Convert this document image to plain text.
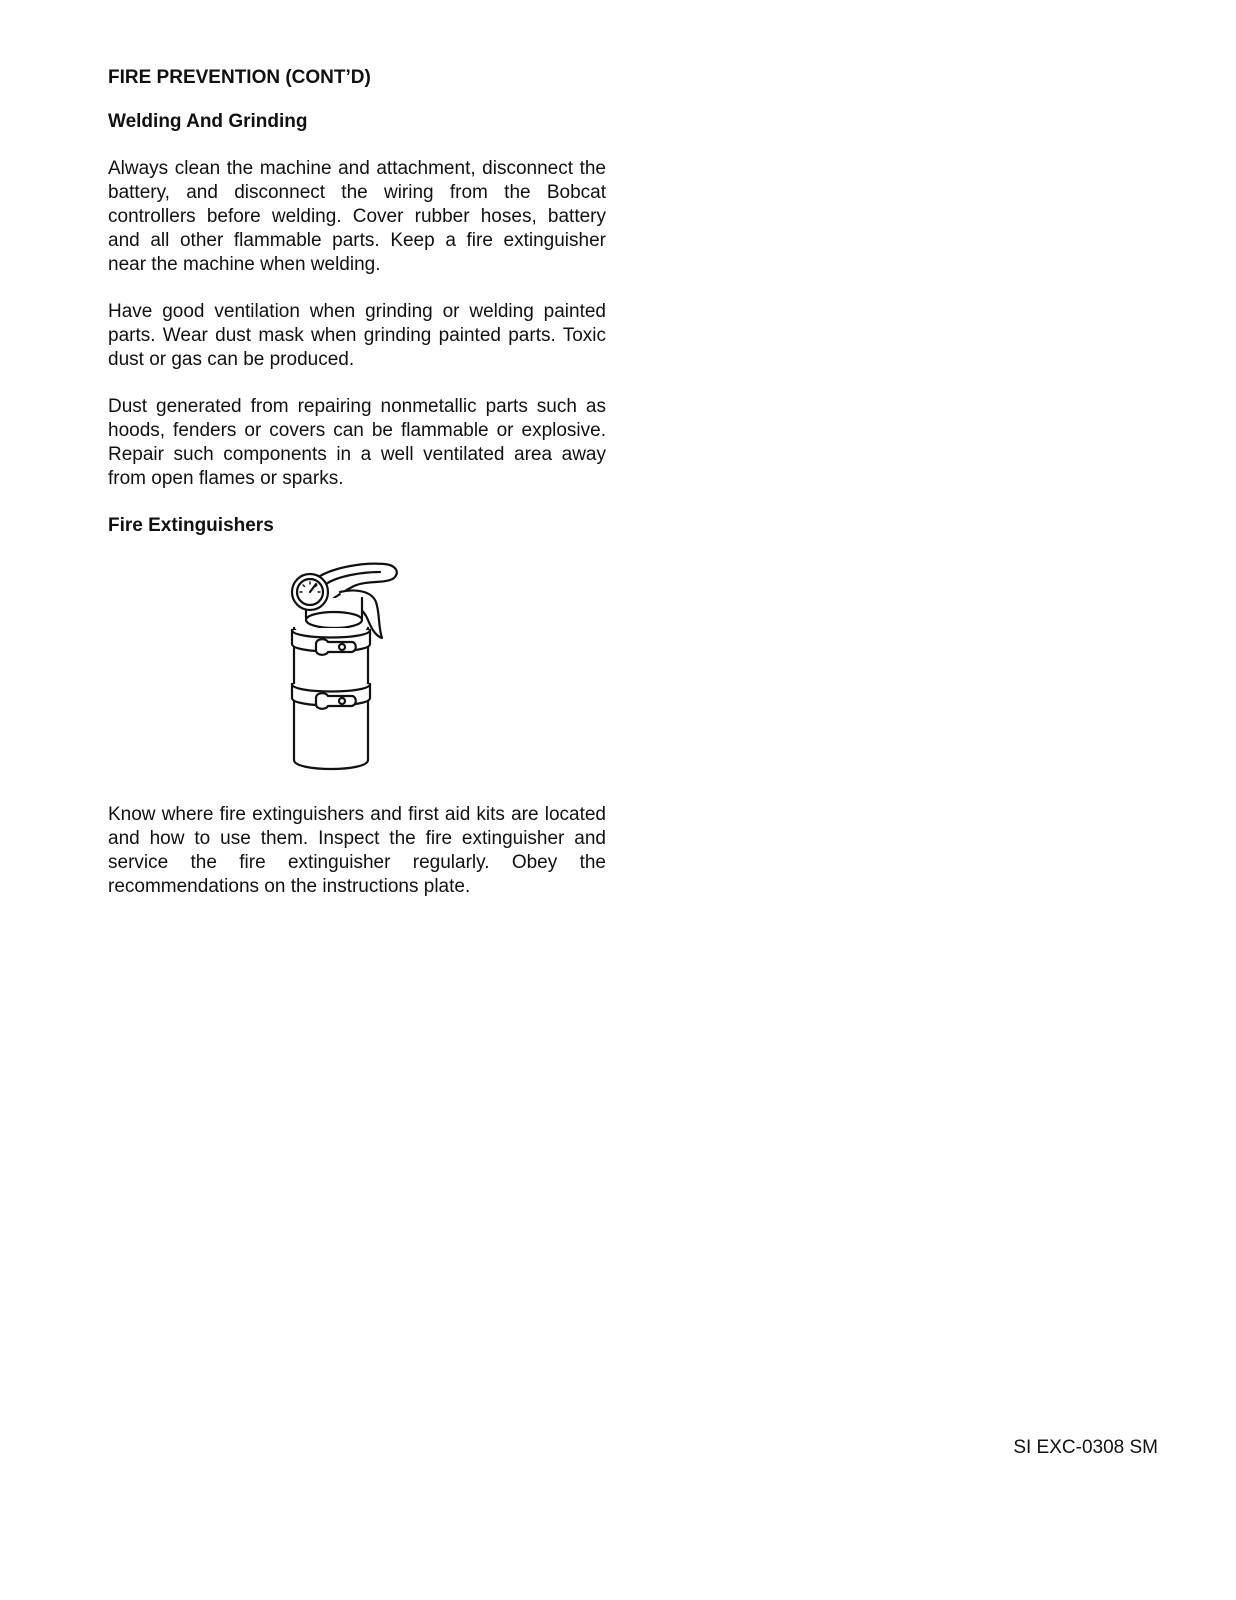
FIRE PREVENTION (CONT’D)
Welding And Grinding

Always clean the machine and attachment, disconnect the battery, and disconnect the wiring from the Bobcat controllers before welding. Cover rubber hoses, battery and all other flammable parts. Keep a fire extinguisher near the machine when welding.

Have good ventilation when grinding or welding painted parts. Wear dust mask when grinding painted parts. Toxic dust or gas can be produced.

Dust generated from repairing nonmetallic parts such as hoods, fenders or covers can be flammable or explosive. Repair such components in a well ventilated area away from open flames or sparks.

Fire Extinguishers

Know where fire extinguishers and first aid kits are located and how to use them. Inspect the fire extinguisher and service the fire extinguisher regularly. Obey the recommendations on the instructions plate.

SI EXC-0308 SM
